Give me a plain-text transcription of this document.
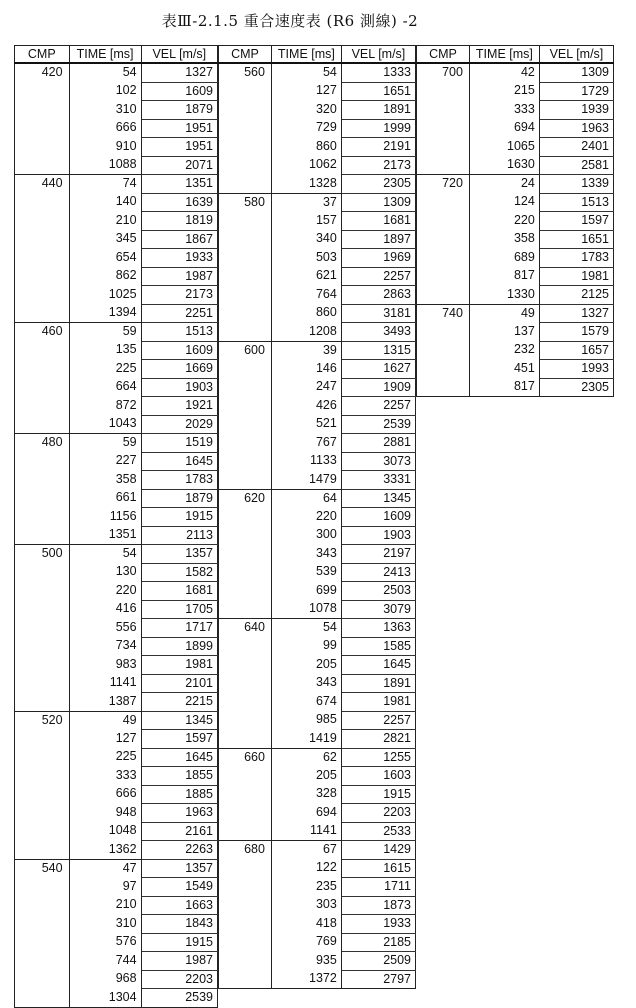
表Ⅲ-2.1.5 重合速度表 (R6 測線) -2
CMP	TIME [ms]	VEL [m/s]
420	54	1327
	102	1609
	310	1879
	666	1951
	910	1951
	1088	2071
440	74	1351
	140	1639
	210	1819
	345	1867
	654	1933
	862	1987
	1025	2173
	1394	2251
460	59	1513
	135	1609
	225	1669
	664	1903
	872	1921
	1043	2029
480	59	1519
	227	1645
	358	1783
	661	1879
	1156	1915
	1351	2113
500	54	1357
	130	1582
	220	1681
	416	1705
	556	1717
	734	1899
	983	1981
	1141	2101
	1387	2215
520	49	1345
	127	1597
	225	1645
	333	1855
	666	1885
	948	1963
	1048	2161
	1362	2263
540	47	1357
	97	1549
	210	1663
	310	1843
	576	1915
	744	1987
	968	2203
	1304	2539
CMP	TIME [ms]	VEL [m/s]
560	54	1333
	127	1651
	320	1891
	729	1999
	860	2191
	1062	2173
	1328	2305
580	37	1309
	157	1681
	340	1897
	503	1969
	621	2257
	764	2863
	860	3181
	1208	3493
600	39	1315
	146	1627
	247	1909
	426	2257
	521	2539
	767	2881
	1133	3073
	1479	3331
620	64	1345
	220	1609
	300	1903
	343	2197
	539	2413
	699	2503
	1078	3079
640	54	1363
	99	1585
	205	1645
	343	1891
	674	1981
	985	2257
	1419	2821
660	62	1255
	205	1603
	328	1915
	694	2203
	1141	2533
680	67	1429
	122	1615
	235	1711
	303	1873
	418	1933
	769	2185
	935	2509
	1372	2797
CMP	TIME [ms]	VEL [m/s]
700	42	1309
	215	1729
	333	1939
	694	1963
	1065	2401
	1630	2581
720	24	1339
	124	1513
	220	1597
	358	1651
	689	1783
	817	1981
	1330	2125
740	49	1327
	137	1579
	232	1657
	451	1993
	817	2305
